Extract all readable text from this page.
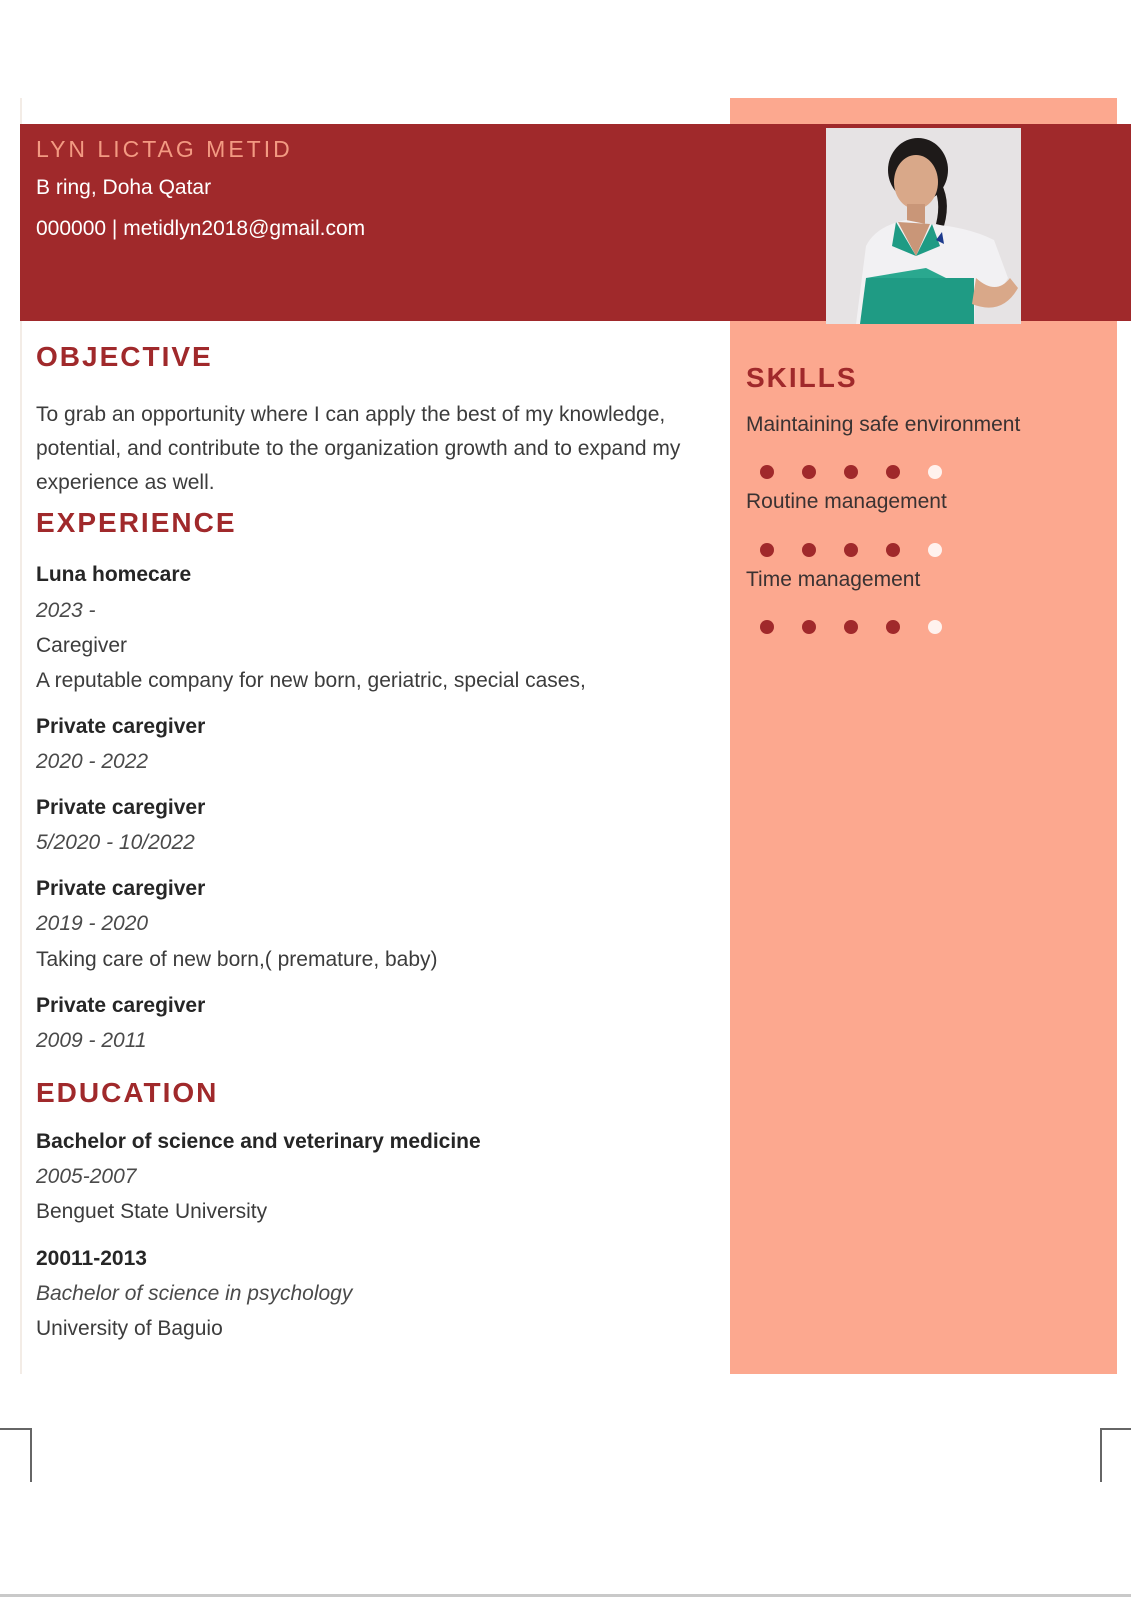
LYN LICTAG METID

B ring, Doha Qatar

000000 | metidlyn2018@gmail.com

SKILLS

Maintaining safe environment

Routine management

Time management

OBJECTIVE

To grab an opportunity where I can apply the best of my knowledge, potential, and contribute to the organization growth and to expand my experience as well.

EXPERIENCE

Luna homecare

2023 -

Caregiver

A reputable company for new born, geriatric, special cases,

Private caregiver

2020 - 2022

Private caregiver

5/2020 - 10/2022

Private caregiver

2019 - 2020

Taking care of new born,( premature, baby)

Private caregiver

2009 - 2011

EDUCATION

Bachelor of science and veterinary medicine

2005-2007

Benguet State University

20011-2013

Bachelor of science in psychology

University of Baguio
